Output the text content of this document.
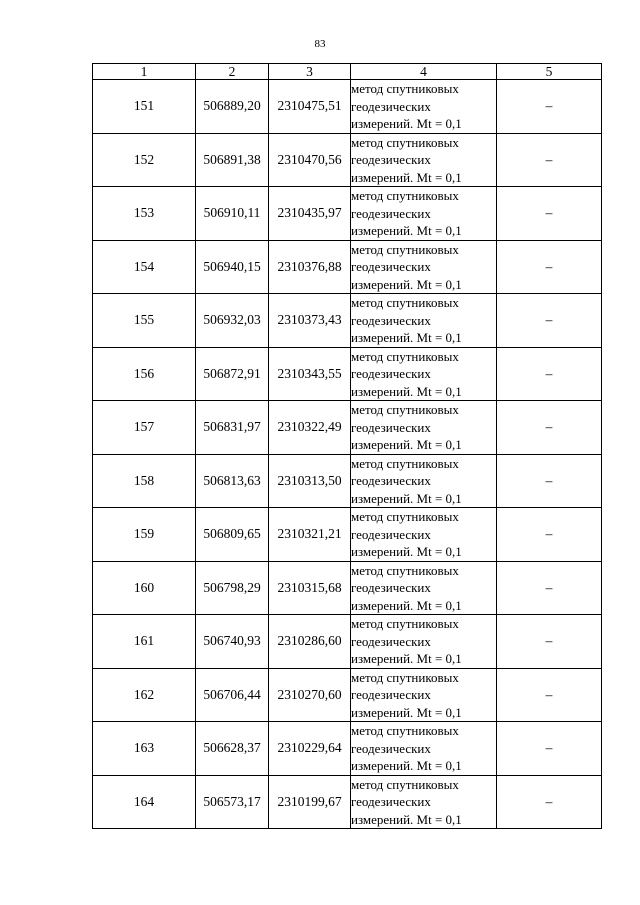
83
1	2	3	4	5
151	506889,20	2310475,51	метод спутниковых
геодезических
измерений. Mt = 0,1	–
152	506891,38	2310470,56	метод спутниковых
геодезических
измерений. Mt = 0,1	–
153	506910,11	2310435,97	метод спутниковых
геодезических
измерений. Mt = 0,1	–
154	506940,15	2310376,88	метод спутниковых
геодезических
измерений. Mt = 0,1	–
155	506932,03	2310373,43	метод спутниковых
геодезических
измерений. Mt = 0,1	–
156	506872,91	2310343,55	метод спутниковых
геодезических
измерений. Mt = 0,1	–
157	506831,97	2310322,49	метод спутниковых
геодезических
измерений. Mt = 0,1	–
158	506813,63	2310313,50	метод спутниковых
геодезических
измерений. Mt = 0,1	–
159	506809,65	2310321,21	метод спутниковых
геодезических
измерений. Mt = 0,1	–
160	506798,29	2310315,68	метод спутниковых
геодезических
измерений. Mt = 0,1	–
161	506740,93	2310286,60	метод спутниковых
геодезических
измерений. Mt = 0,1	–
162	506706,44	2310270,60	метод спутниковых
геодезических
измерений. Mt = 0,1	–
163	506628,37	2310229,64	метод спутниковых
геодезических
измерений. Mt = 0,1	–
164	506573,17	2310199,67	метод спутниковых
геодезических
измерений. Mt = 0,1	–
